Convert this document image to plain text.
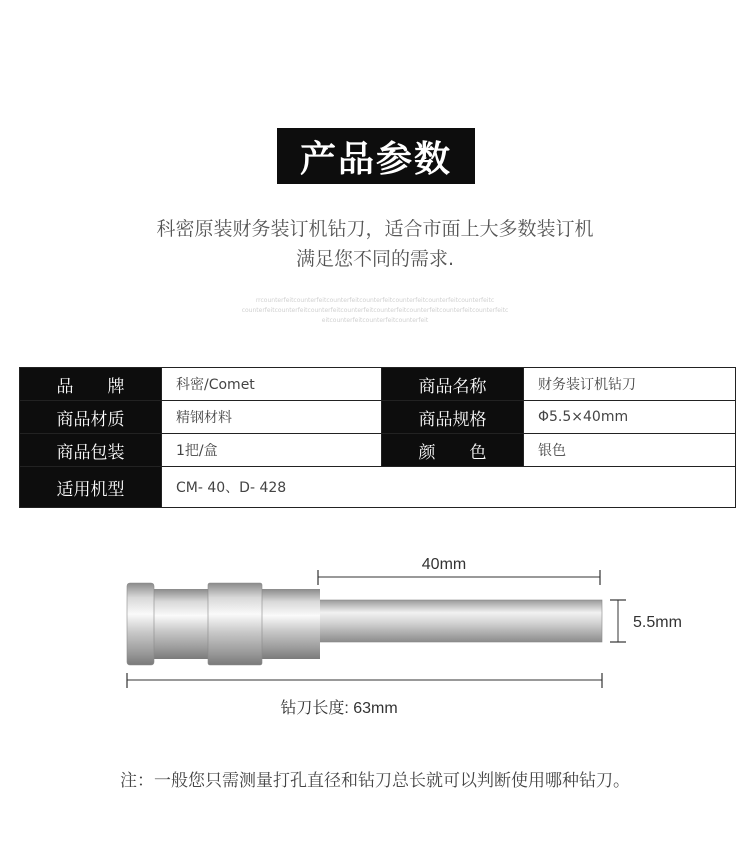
产品参数
科密原装财务装订机钻刀，适合市面上大多数装订机
满足您不同的需求.
rrcounterfeitcounterfeitcounterfeitcounterfeitcounterfeitcounterfeitcounterfeitc
counterfeitcounterfeitcounterfeitcounterfeitcounterfeitcounterfeitcounterfeitcounterfeitc
eitcounterfeitcounterfeitcounterfeit
品　　牌	科密/Comet	商品名称	财务装订机钻刀
商品材质	精钢材料	商品规格	Φ5.5×40mm
商品包装	1把/盒	颜　　色	银色
适用机型	CM- 40、D- 428		
40mm
5.5mm
钻刀长度: 63mm
注：一般您只需测量打孔直径和钻刀总长就可以判断使用哪种钻刀。
